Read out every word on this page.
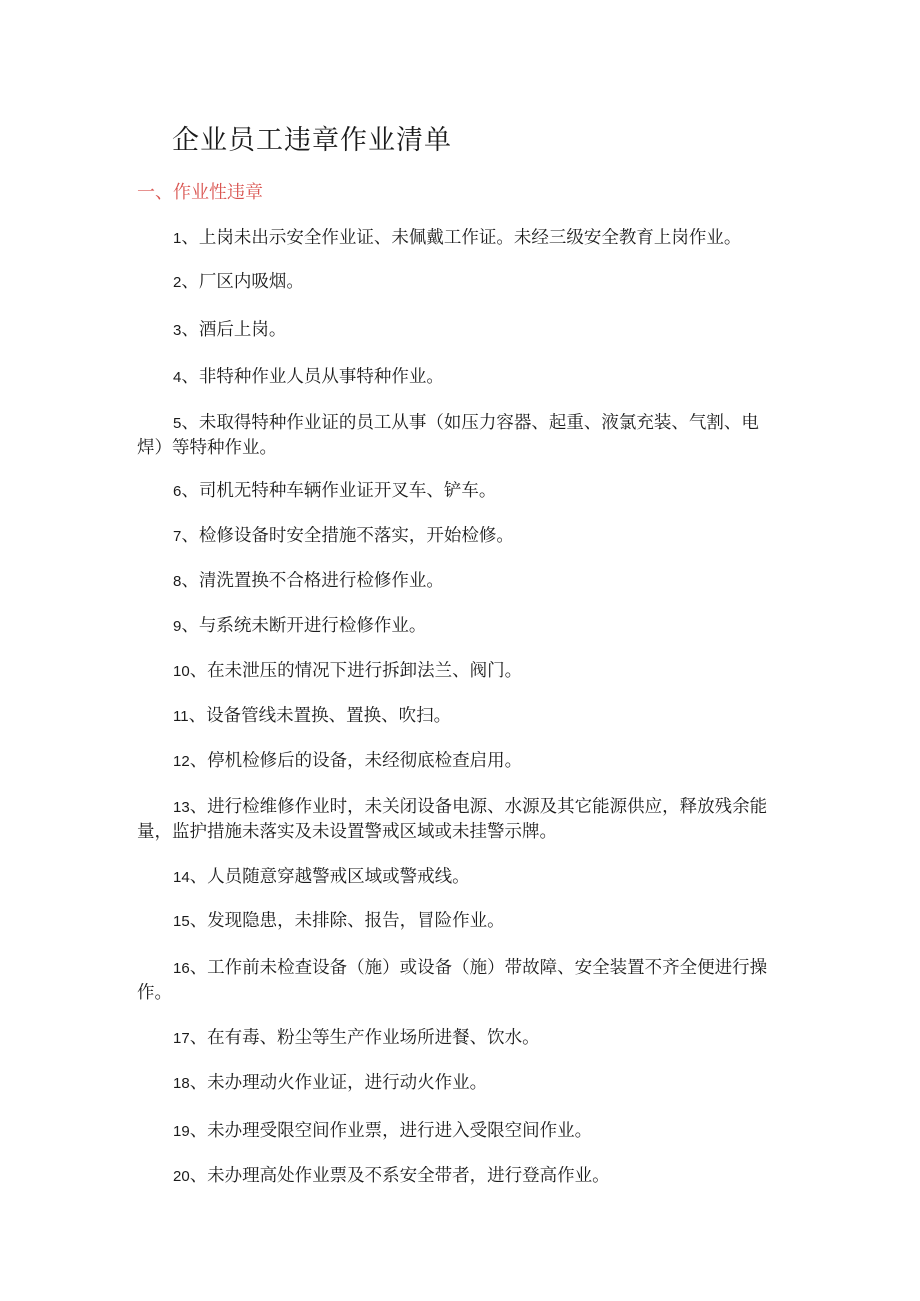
企业员工违章作业清单
一、作业性违章

1、上岗未出示安全作业证、未佩戴工作证。未经三级安全教育上岗作业。

2、厂区内吸烟。

3、酒后上岗。

4、非特种作业人员从事特种作业。

5、未取得特种作业证的员工从事（如压力容器、起重、液氯充装、气割、电焊）等特种作业。

6、司机无特种车辆作业证开叉车、铲车。

7、检修设备时安全措施不落实，开始检修。

8、清洗置换不合格进行检修作业。

9、与系统未断开进行检修作业。

10、在未泄压的情况下进行拆卸法兰、阀门。

11、设备管线未置换、置换、吹扫。

12、停机检修后的设备，未经彻底检查启用。

13、进行检维修作业时，未关闭设备电源、水源及其它能源供应，释放残余能量，监护措施未落实及未设置警戒区域或未挂警示牌。

14、人员随意穿越警戒区域或警戒线。

15、发现隐患，未排除、报告，冒险作业。

16、工作前未检查设备（施）或设备（施）带故障、安全装置不齐全便进行操作。

17、在有毒、粉尘等生产作业场所进餐、饮水。

18、未办理动火作业证，进行动火作业。

19、未办理受限空间作业票，进行进入受限空间作业。

20、未办理高处作业票及不系安全带者，进行登高作业。
